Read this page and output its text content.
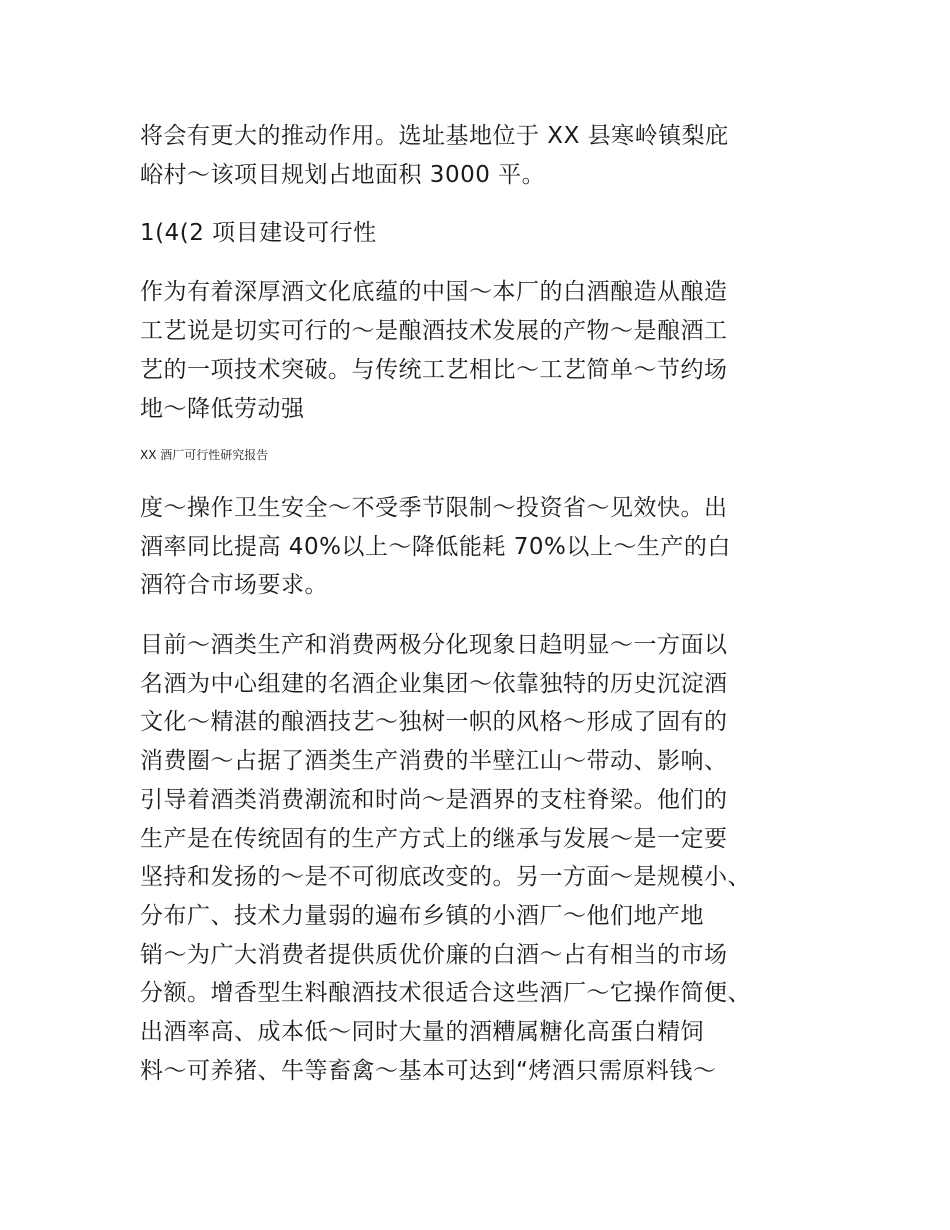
将会有更大的推动作用。选址基地位于 XX 县寒岭镇梨庇
峪村～该项目规划占地面积 3000 平。
1(4(2 项目建设可行性
作为有着深厚酒文化底蕴的中国～本厂的白酒酿造从酿造
工艺说是切实可行的～是酿酒技术发展的产物～是酿酒工
艺的一项技术突破。与传统工艺相比～工艺简单～节约场
地～降低劳动强
XX 酒厂可行性研究报告
度～操作卫生安全～不受季节限制～投资省～见效快。出
酒率同比提高 40%以上～降低能耗 70%以上～生产的白
酒符合市场要求。
目前～酒类生产和消费两极分化现象日趋明显～一方面以
名酒为中心组建的名酒企业集团～依靠独特的历史沉淀酒
文化～精湛的酿酒技艺～独树一帜的风格～形成了固有的
消费圈～占据了酒类生产消费的半壁江山～带动、影响、
引导着酒类消费潮流和时尚～是酒界的支柱脊梁。他们的
生产是在传统固有的生产方式上的继承与发展～是一定要
坚持和发扬的～是不可彻底改变的。另一方面～是规模小、
分布广、技术力量弱的遍布乡镇的小酒厂～他们地产地
销～为广大消费者提供质优价廉的白酒～占有相当的市场
分额。增香型生料酿酒技术很适合这些酒厂～它操作简便、
出酒率高、成本低～同时大量的酒糟属糖化高蛋白精饲
料～可养猪、牛等畜禽～基本可达到“烤酒只需原料钱～
